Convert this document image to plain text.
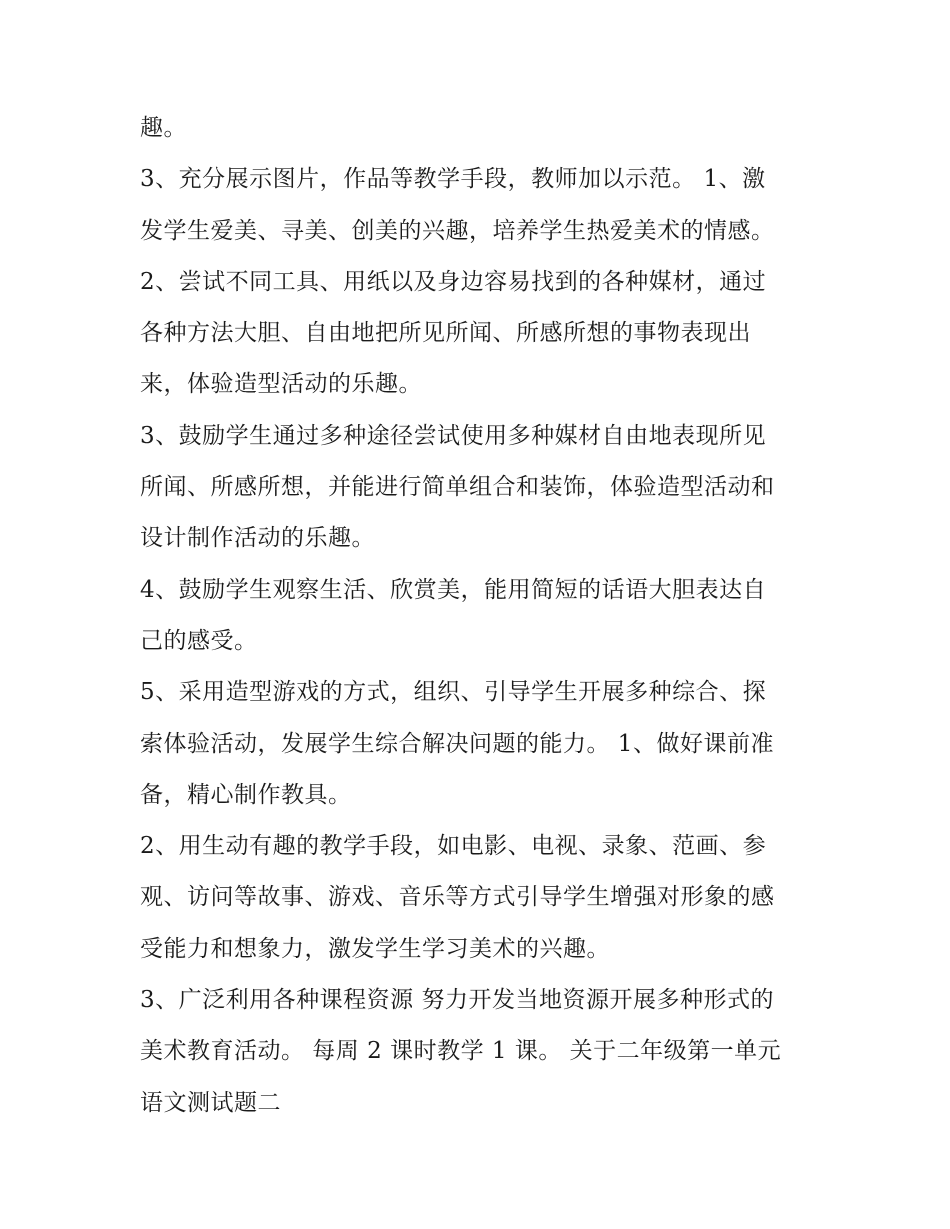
趣。
3、充分展示图片，作品等教学手段，教师加以示范。 1、激
发学生爱美、寻美、创美的兴趣，培养学生热爱美术的情感。
2、尝试不同工具、用纸以及身边容易找到的各种媒材，通过
各种方法大胆、自由地把所见所闻、所感所想的事物表现出
来，体验造型活动的乐趣。
3、鼓励学生通过多种途径尝试使用多种媒材自由地表现所见
所闻、所感所想，并能进行简单组合和装饰，体验造型活动和
设计制作活动的乐趣。
4、鼓励学生观察生活、欣赏美，能用简短的话语大胆表达自
己的感受。
5、采用造型游戏的方式，组织、引导学生开展多种综合、探
索体验活动，发展学生综合解决问题的能力。 1、做好课前准
备，精心制作教具。
2、用生动有趣的教学手段，如电影、电视、录象、范画、参
观、访问等故事、游戏、音乐等方式引导学生增强对形象的感
受能力和想象力，激发学生学习美术的兴趣。
3、广泛利用各种课程资源 努力开发当地资源开展多种形式的
美术教育活动。 每周 2 课时教学 1 课。 关于二年级第一单元
语文测试题二
